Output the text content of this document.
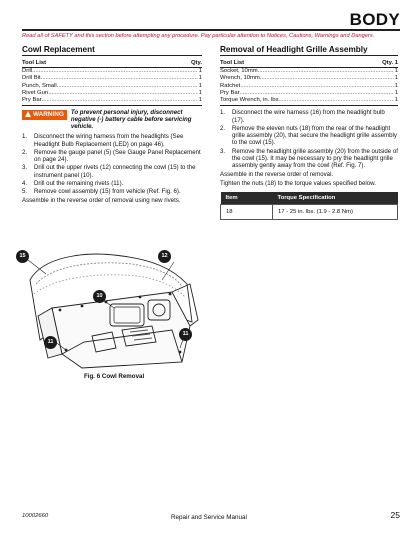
BODY
Read all of SAFETY and this section before attempting any procedure. Pay particular attention to Notices, Cautions, Warnings and Dangers.
Cowl Replacement
Tool List	Qty.
Drill .....	1
Drill Bit .....	1
Punch, Small .....	1
Rivet Gun .....	1
Pry Bar .....	1
WARNING	To prevent personal injury, disconnect negative (-) battery cable before servicing vehicle.
1.	Disconnect the wiring harness from the headlights (See Headlight Bulb Replacement (LED) on page 46).
2.	Remove the gauge panel (5) (See Gauge Panel Replacement on page 24).
3.	Drill out the upper rivets (12) connecting the cowl (15) to the instrument panel (10).
4.	Drill out the remaining rivets (11).
5.	Remove cowl assembly (15) from vehicle (Ref. Fig. 6).

Assemble in the reverse order of removal using new rivets.

Removal of Headlight Grille Assembly
Tool List	Qty. 1
Socket, 10mm .....	1
Wrench, 10mm .....	1
Ratchet .....	1
Pry Bar .....	1
Torque Wrench, in. lbs .....	1
1.	Disconnect the wire harness (16) from the headlight bulb (17).
2.	Remove the eleven nuts (18) from the rear of the headlight grille assembly (20), that secure the headlight grille assembly to the cowl (15).
3.	Remove the headlight grille assembly (20) from the outside of the cowl (15). It may be necessary to pry the headlight grille assembly gently away from the cowl (Ref. Fig. 7).

Assemble in the reverse order of removal.

Tighten the nuts (18) to the torque values specified below.

Item	Torque Specification
18	17 - 25 in. lbs. (1.9 - 2.8 Nm)
15	12
10
11
11
Fig. 6 Cowl Removal
10002660	Repair and Service Manual	25
